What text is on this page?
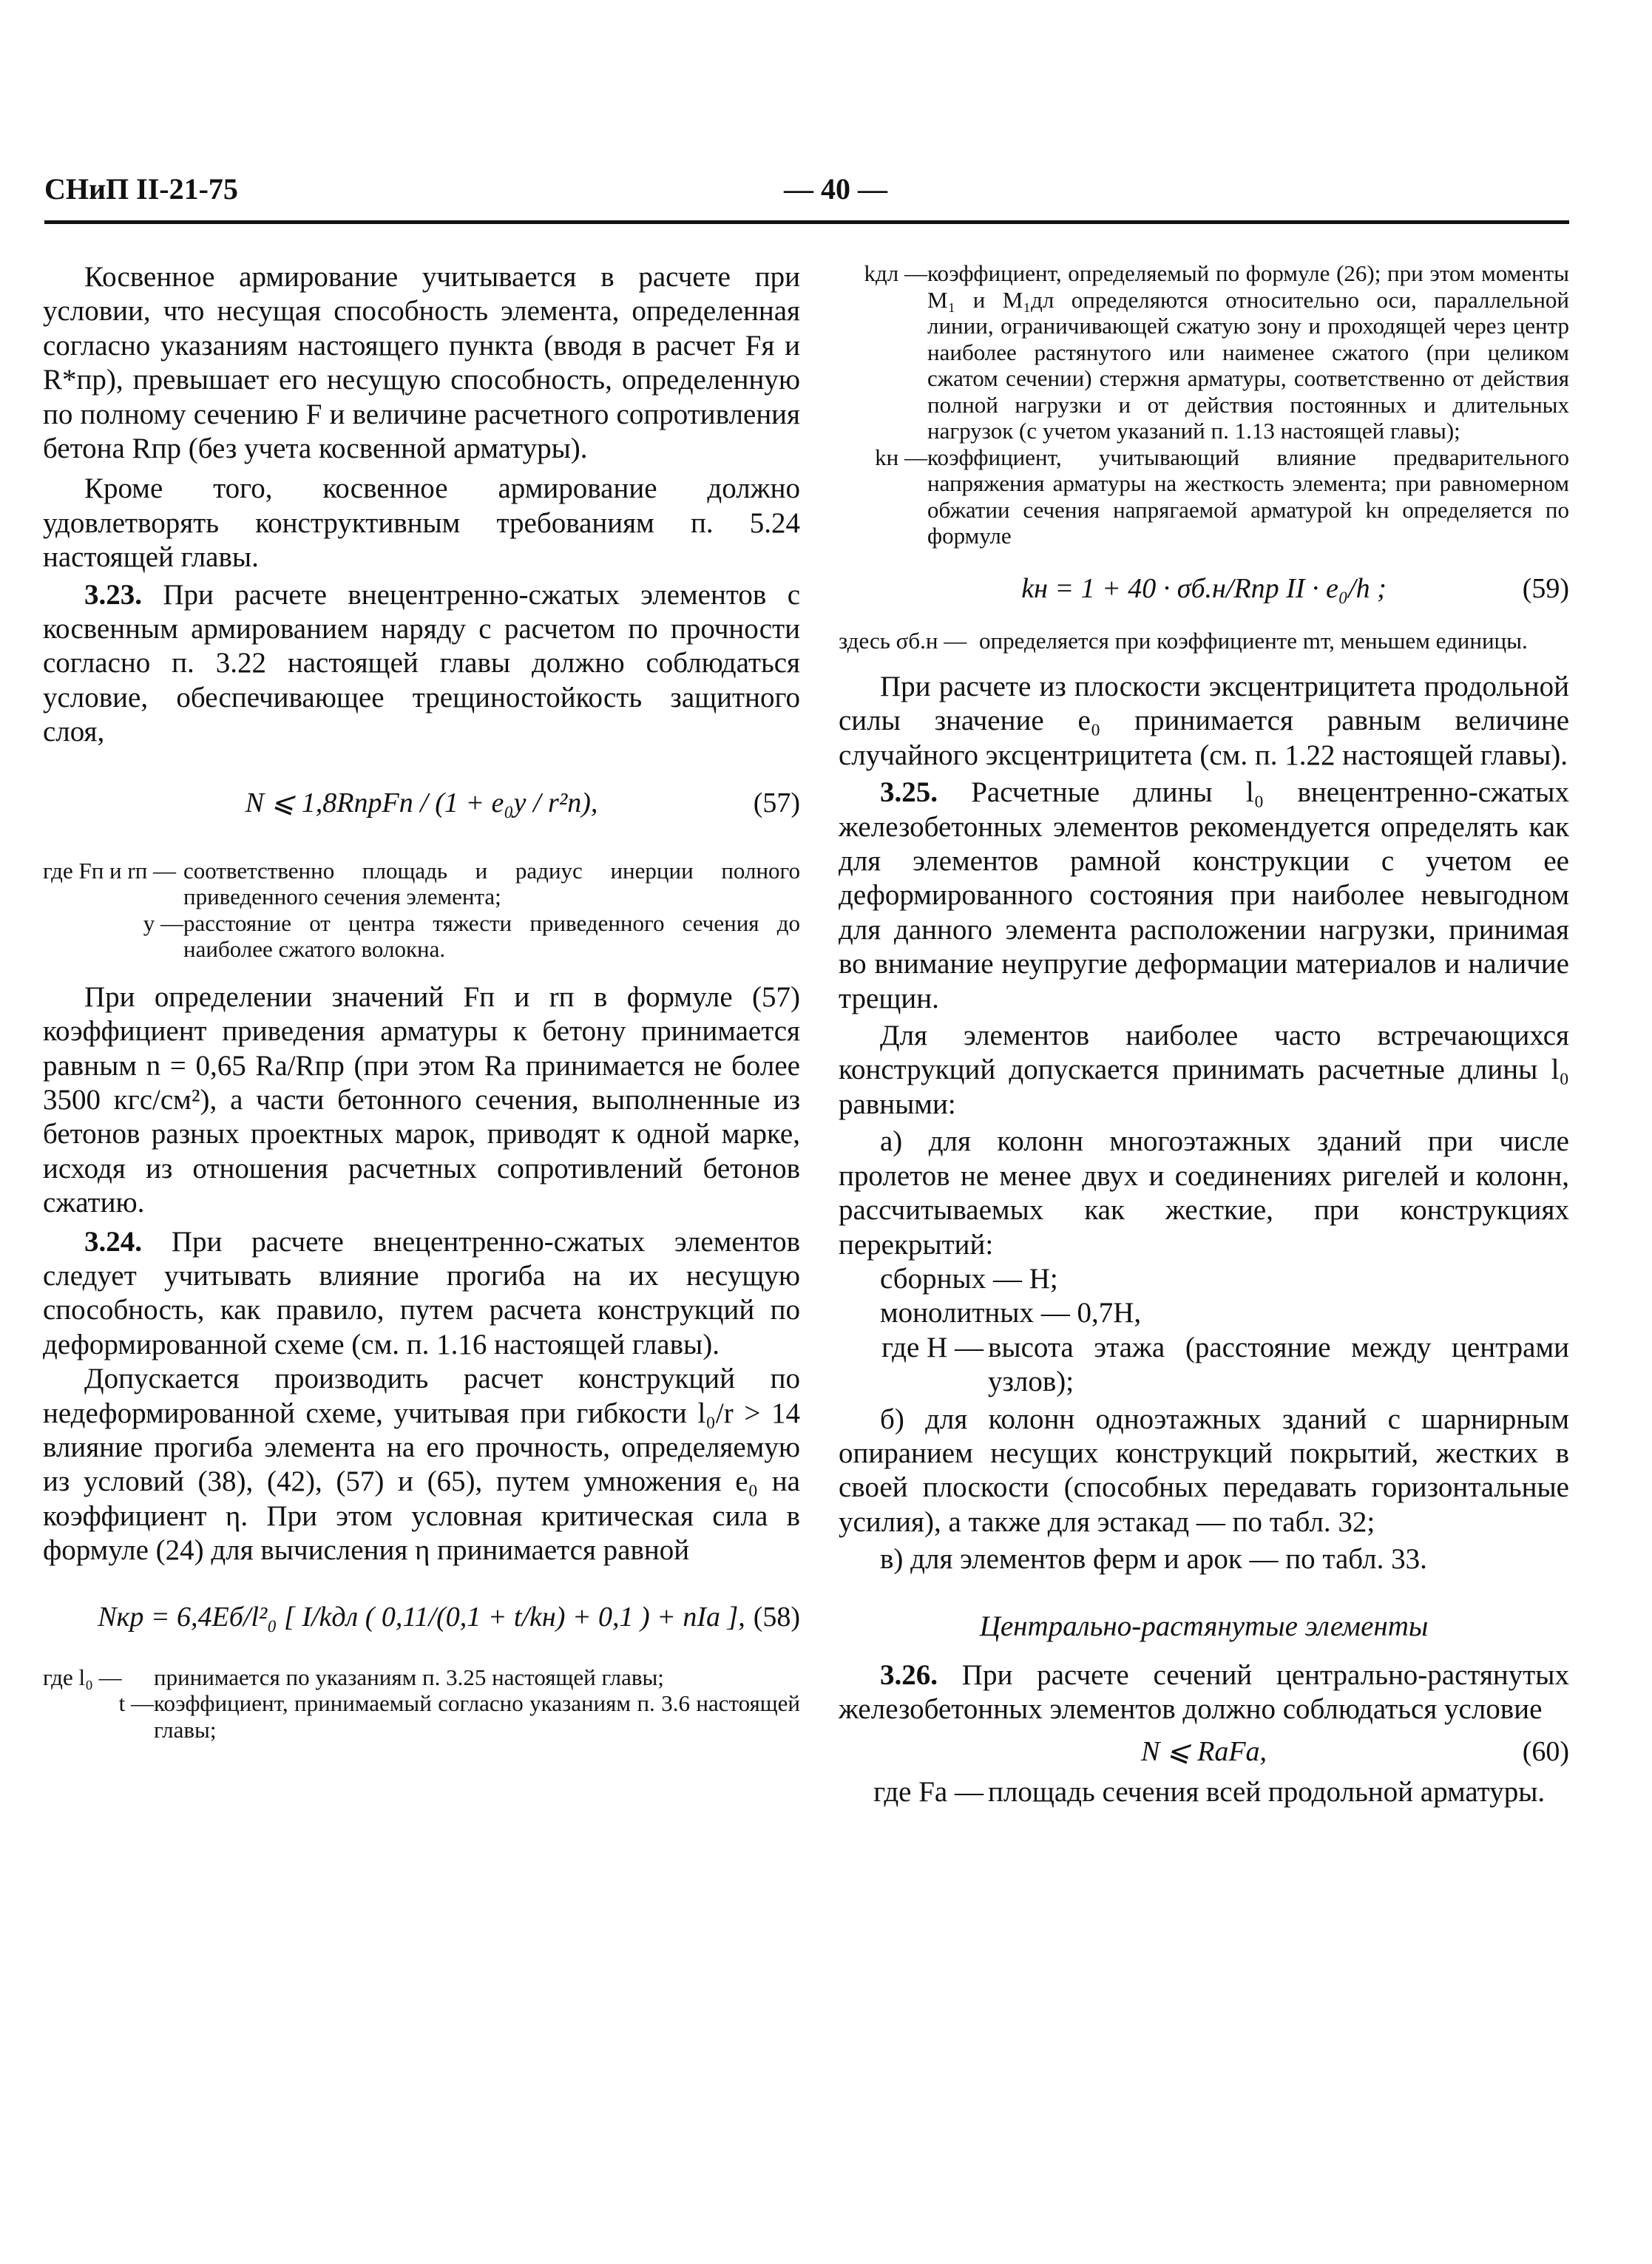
СНиП II-21-75	— 40 —

Косвенное армирование учитывается в расчете при условии, что несущая способность элемента, определенная согласно указаниям настоящего пункта (вводя в расчет Fя и R*пр), превышает его несущую способность, определенную по полному сечению F и величине расчетного сопротивления бетона Rпр (без учета косвенной арматуры).

Кроме того, косвенное армирование должно удовлетворять конструктивным требованиям п. 5.24 настоящей главы.

3.23. При расчете внецентренно-сжатых элементов с косвенным армированием наряду с расчетом по прочности согласно п. 3.22 настоящей главы должно соблюдаться условие, обеспечивающее трещиностойкость защитного слоя,

N ⩽ 1,8RпрFп / (1 + e₀y / r²п),	(57)
где Fп и rп — соответственно площадь и радиус инерции полного приведенного сечения элемента;
y — расстояние от центра тяжести приведенного сечения до наиболее сжатого волокна.

При определении значений Fп и rп в формуле (57) коэффициент приведения арматуры к бетону принимается равным n = 0,65 Rа/Rпр (при этом Rа принимается не более 3500 кгс/см²), а части бетонного сечения, выполненные из бетонов разных проектных марок, приводят к одной марке, исходя из отношения расчетных сопротивлений бетонов сжатию.

3.24. При расчете внецентренно-сжатых элементов следует учитывать влияние прогиба на их несущую способность, как правило, путем расчета конструкций по деформированной схеме (см. п. 1.16 настоящей главы).

Допускается производить расчет конструкций по недеформированной схеме, учитывая при гибкости l₀/r > 14 влияние прогиба элемента на его прочность, определяемую из условий (38), (42), (57) и (65), путем умножения e₀ на коэффициент η. При этом условная критическая сила в формуле (24) для вычисления η принимается равной

Nкр = 6,4Eб/l²₀ [ I/kдл ( 0,11/(0,1 + t/kн) + 0,1 ) + nIа ], (58)
где l₀ —	принимается по указаниям п. 3.25 настоящей главы;
t — коэффициент, принимаемый согласно указаниям п. 3.6 настоящей главы;
kдл — коэффициент, определяемый по формуле (26); при этом моменты M₁ и M₁дл определяются относительно оси, параллельной линии, ограничивающей сжатую зону и проходящей через центр наиболее растянутого или наименее сжатого (при целиком сжатом сечении) стержня арматуры, соответственно от действия полной нагрузки и от действия постоянных и длительных нагрузок (с учетом указаний п. 1.13 настоящей главы);
kн — коэффициент, учитывающий влияние предварительного напряжения арматуры на жесткость элемента; при равномерном обжатии сечения напрягаемой арматурой kн определяется по формуле
kн = 1 + 40 · σб.н/Rпр II · e₀/h ;	(59)
здесь σб.н — определяется при коэффициенте mт, меньшем единицы.

При расчете из плоскости эксцентрицитета продольной силы значение e₀ принимается равным величине случайного эксцентрицитета (см. п. 1.22 настоящей главы).

3.25. Расчетные длины l₀ внецентренно-сжатых железобетонных элементов рекомендуется определять как для элементов рамной конструкции с учетом ее деформированного состояния при наиболее невыгодном для данного элемента расположении нагрузки, принимая во внимание неупругие деформации материалов и наличие трещин.

Для элементов наиболее часто встречающихся конструкций допускается принимать расчетные длины l₀ равными:

а) для колонн многоэтажных зданий при числе пролетов не менее двух и соединениях ригелей и колонн, рассчитываемых как жесткие, при конструкциях перекрытий:

сборных — H;

монолитных — 0,7H,

где H — высота этажа (расстояние между центрами узлов);

б) для колонн одноэтажных зданий с шарнирным опиранием несущих конструкций покрытий, жестких в своей плоскости (способных передавать горизонтальные усилия), а также для эстакад — по табл. 32;

в) для элементов ферм и арок — по табл. 33.

Центрально-растянутые элементы

3.26. При расчете сечений центрально-растянутых железобетонных элементов должно соблюдаться условие

N ⩽ RаFа,	(60)
где Fа — площадь сечения всей продольной арматуры.
